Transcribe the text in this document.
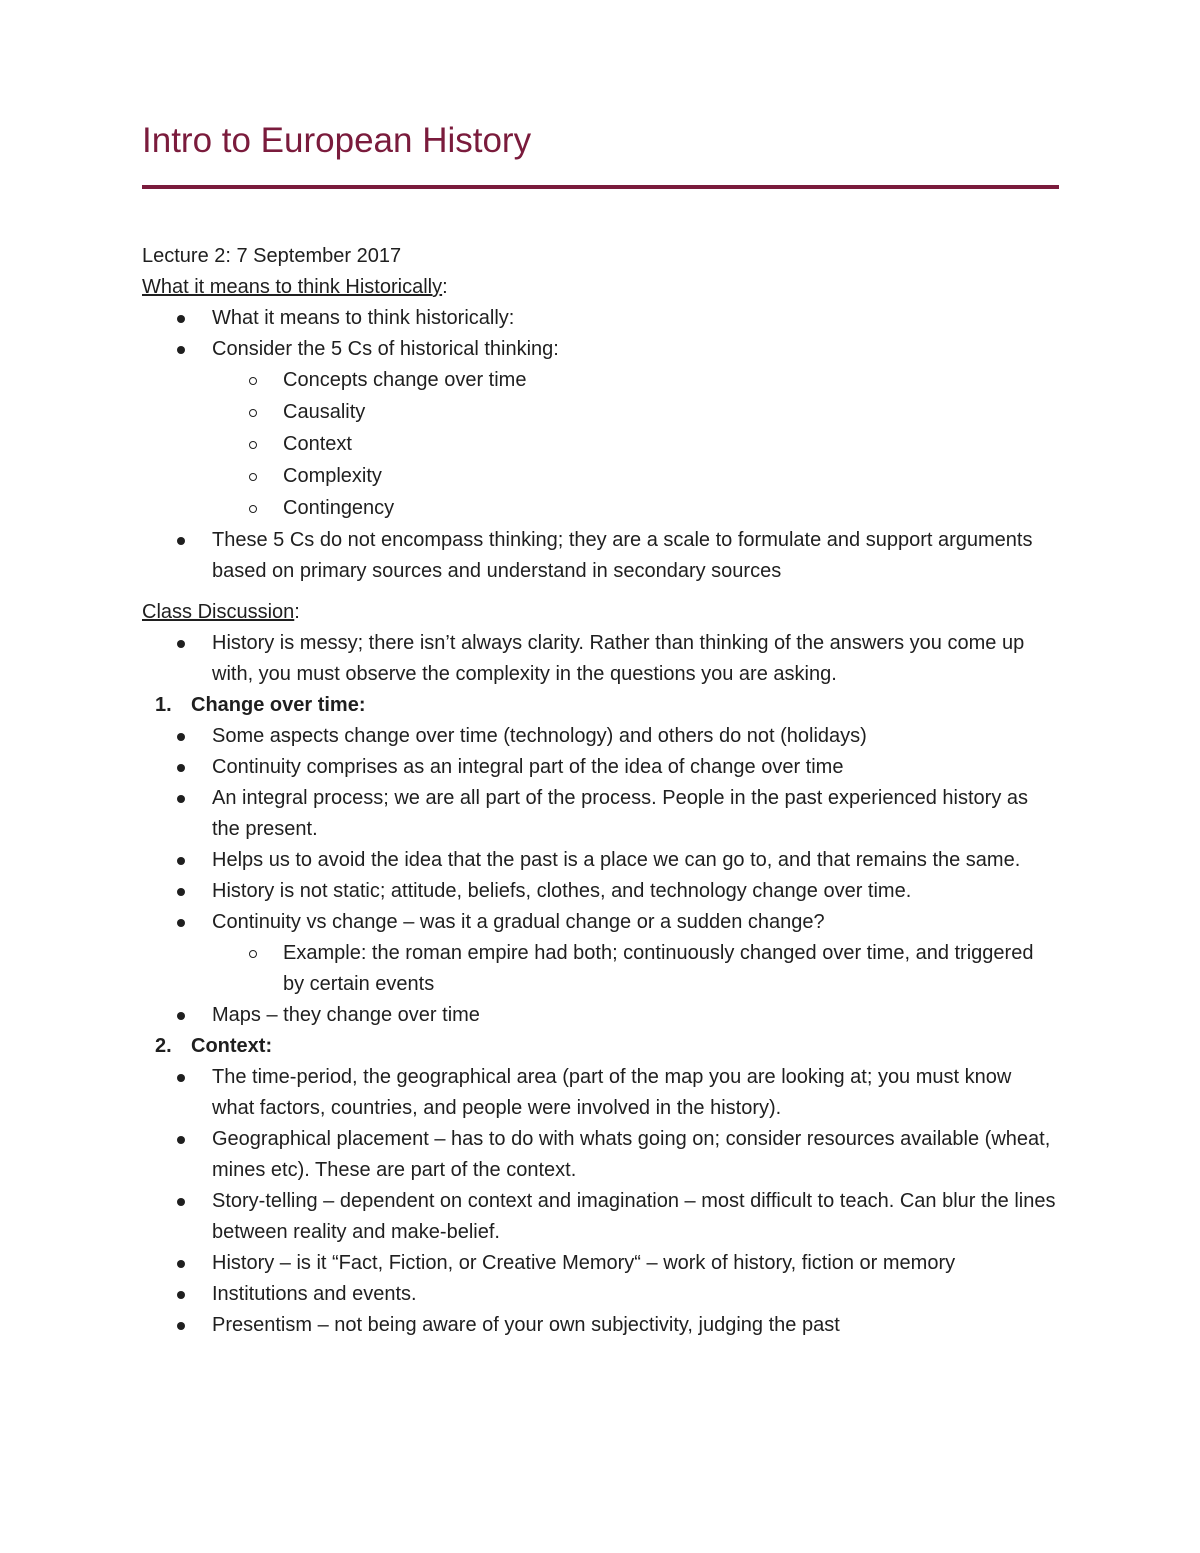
Intro to European History
Lecture 2: 7 September 2017
What it means to think Historically:
What it means to think historically:
Consider the 5 Cs of historical thinking:
Concepts change over time
Causality
Context
Complexity
Contingency
These 5 Cs do not encompass thinking; they are a scale to formulate and support arguments based on primary sources and understand in secondary sources
Class Discussion:
History is messy; there isn’t always clarity. Rather than thinking of the answers you come up with, you must observe the complexity in the questions you are asking.
1. Change over time:
Some aspects change over time (technology) and others do not (holidays)
Continuity comprises as an integral part of the idea of change over time
An integral process; we are all part of the process. People in the past experienced history as the present.
Helps us to avoid the idea that the past is a place we can go to, and that remains the same.
History is not static; attitude, beliefs, clothes, and technology change over time.
Continuity vs change – was it a gradual change or a sudden change?
Example: the roman empire had both; continuously changed over time, and triggered by certain events
Maps – they change over time
2. Context:
The time-period, the geographical area (part of the map you are looking at; you must know what factors, countries, and people were involved in the history).
Geographical placement – has to do with whats going on; consider resources available (wheat, mines etc). These are part of the context.
Story-telling – dependent on context and imagination – most difficult to teach. Can blur the lines between reality and make-belief.
History – is it “Fact, Fiction, or Creative Memory“ – work of history, fiction or memory
Institutions and events.
Presentism – not being aware of your own subjectivity, judging the past
